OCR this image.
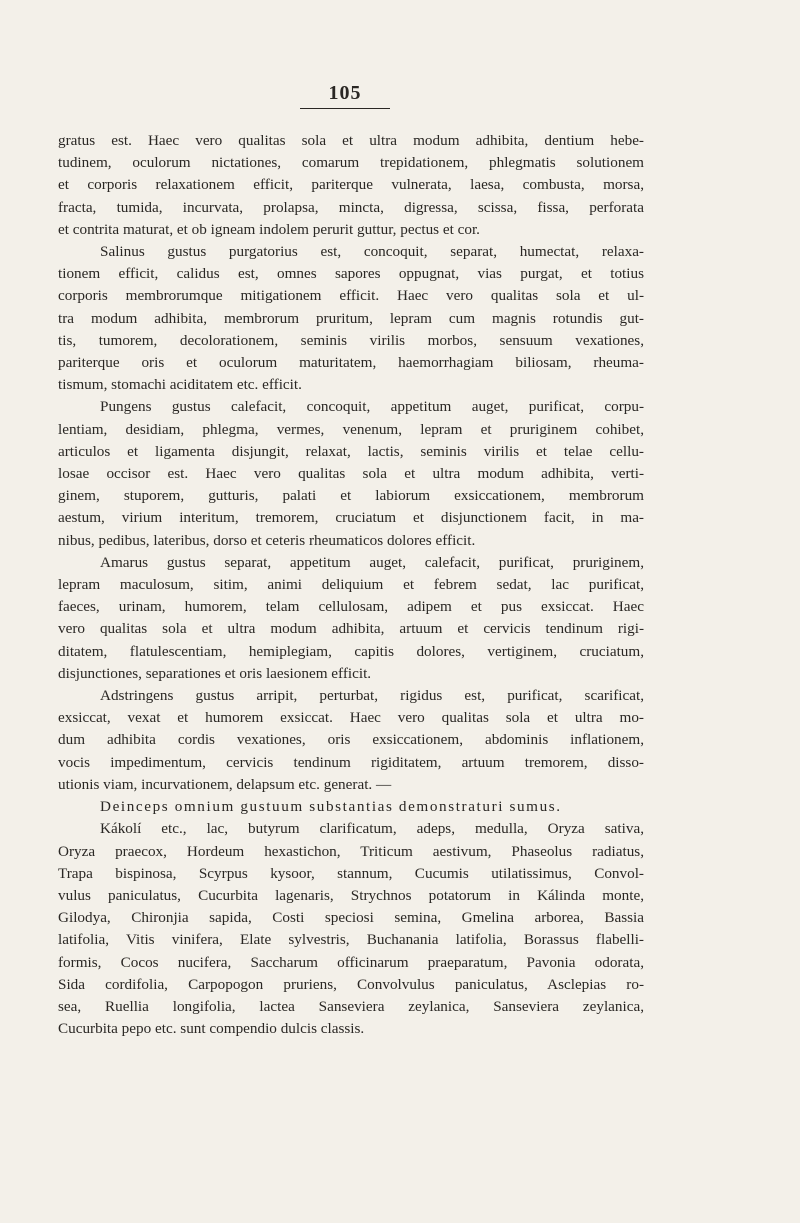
105
gratus est. Haec vero qualitas sola et ultra modum adhibita, dentium hebe-
tudinem, oculorum nictationes, comarum trepidationem, phlegmatis solutionem
et corporis relaxationem efficit, pariterque vulnerata, laesa, combusta, morsa,
fracta, tumida, incurvata, prolapsa, mincta, digressa, scissa, fissa, perforata
et contrita maturat, et ob igneam indolem perurit guttur, pectus et cor.
Salinus gustus purgatorius est, concoquit, separat, humectat, relaxa-
tionem efficit, calidus est, omnes sapores oppugnat, vias purgat, et totius
corporis membrorumque mitigationem efficit. Haec vero qualitas sola et ul-
tra modum adhibita, membrorum pruritum, lepram cum magnis rotundis gut-
tis, tumorem, decolorationem, seminis virilis morbos, sensuum vexationes,
pariterque oris et oculorum maturitatem, haemorrhagiam biliosam, rheuma-
tismum, stomachi aciditatem etc. efficit.
Pungens gustus calefacit, concoquit, appetitum auget, purificat, corpu-
lentiam, desidiam, phlegma, vermes, venenum, lepram et pruriginem cohibet,
articulos et ligamenta disjungit, relaxat, lactis, seminis virilis et telae cellu-
losae occisor est. Haec vero qualitas sola et ultra modum adhibita, verti-
ginem, stuporem, gutturis, palati et labiorum exsiccationem, membrorum
aestum, virium interitum, tremorem, cruciatum et disjunctionem facit, in ma-
nibus, pedibus, lateribus, dorso et ceteris rheumaticos dolores efficit.
Amarus gustus separat, appetitum auget, calefacit, purificat, pruriginem,
lepram maculosum, sitim, animi deliquium et febrem sedat, lac purificat,
faeces, urinam, humorem, telam cellulosam, adipem et pus exsiccat. Haec
vero qualitas sola et ultra modum adhibita, artuum et cervicis tendinum rigi-
ditatem, flatulescentiam, hemiplegiam, capitis dolores, vertiginem, cruciatum,
disjunctiones, separationes et oris laesionem efficit.
Adstringens gustus arripit, perturbat, rigidus est, purificat, scarificat,
exsiccat, vexat et humorem exsiccat. Haec vero qualitas sola et ultra mo-
dum adhibita cordis vexationes, oris exsiccationem, abdominis inflationem,
vocis impedimentum, cervicis tendinum rigiditatem, artuum tremorem, disso-
utionis viam, incurvationem, delapsum etc. generat. —
Deinceps omnium gustuum substantias demonstraturi sumus.
Kákolí etc., lac, butyrum clarificatum, adeps, medulla, Oryza sativa,
Oryza praecox, Hordeum hexastichon, Triticum aestivum, Phaseolus radiatus,
Trapa bispinosa, Scyrpus kysoor, stannum, Cucumis utilatissimus, Convol-
vulus paniculatus, Cucurbita lagenaris, Strychnos potatorum in Kálinda monte,
Gilodya, Chironjia sapida, Costi speciosi semina, Gmelina arborea, Bassia
latifolia, Vitis vinifera, Elate sylvestris, Buchanania latifolia, Borassus flabelli-
formis, Cocos nucifera, Saccharum officinarum praeparatum, Pavonia odorata,
Sida cordifolia, Carpopogon pruriens, Convolvulus paniculatus, Asclepias ro-
sea, Ruellia longifolia, lactea Sanseviera zeylanica, Sanseviera zeylanica,
Cucurbita pepo etc. sunt compendio dulcis classis.
